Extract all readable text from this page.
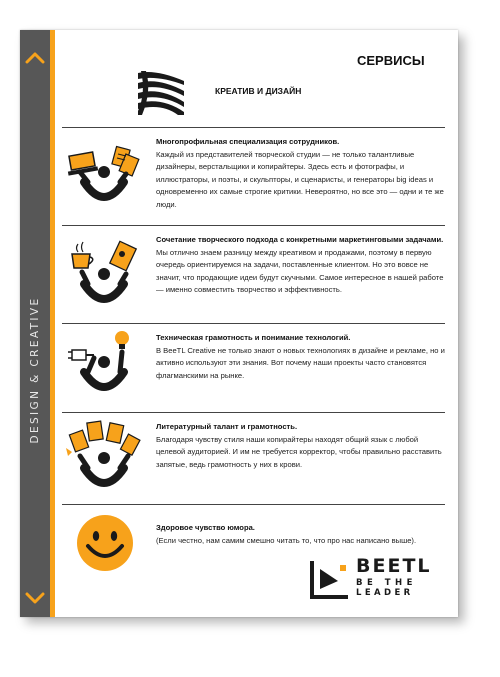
DESIGN & CREATIVE
СЕРВИСЫ
КРЕАТИВ И ДИЗАЙН
Многопрофильная специализация сотрудников.
Каждый из представителей творческой студии — не только талантливые дизайнеры, верстальщики и копирайтеры. Здесь есть и фотографы, и иллюстраторы, и поэты, и скульпторы, и сценаристы, и генераторы big ideas и одновременно их самые строгие критики. Невероятно, но все это — одни и те же люди.
Сочетание творческого подхода с конкретными маркетинговыми задачами.
Мы отлично знаем разницу между креативом и продажами, поэтому в первую очередь ориентируемся на задачи, поставленные клиентом. Но это вовсе не значит, что продающие идеи будут скучными. Самое интересное в нашей работе — именно совместить творчество и эффективность.
Техническая грамотность и понимание технологий.
В BeeTL Creative не только знают о новых технологиях в дизайне и рекламе, но и активно используют эти знания. Вот почему наши проекты часто становятся флагманскими на рынке.
Литературный талант и грамотность.
Благодаря чувству стиля наши копирайтеры находят общий язык с любой целевой аудиторией. И им не требуется корректор, чтобы правильно расставить запятые, ведь грамотность у них в крови.
Здоровое чувство юмора.
(Если честно, нам самим смешно читать то, что про нас написано выше).
BEETL
BE THE
LEADER
